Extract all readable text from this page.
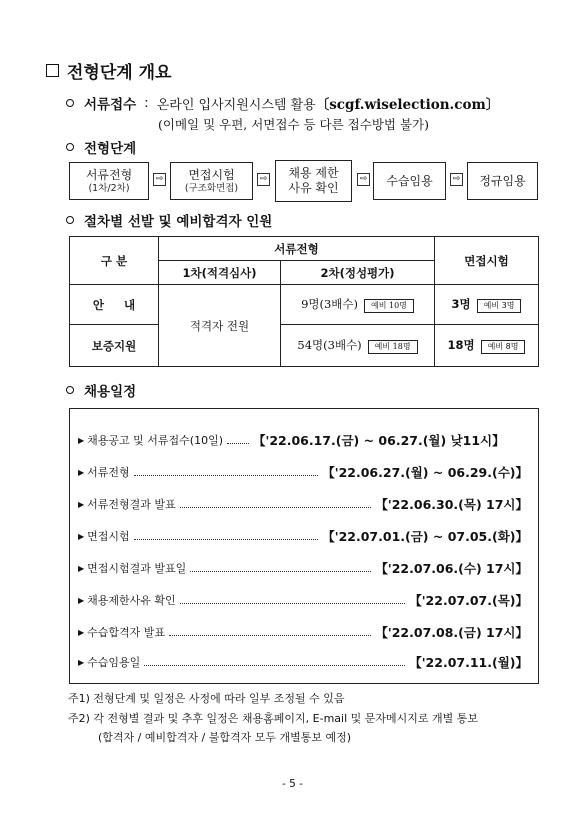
전형단계 개요
서류접수 : 온라인 입사지원시스템 활용 〔scgf.wiselection.com〕
(이메일 및 우편, 서면접수 등 다른 접수방법 불가)
전형단계
서류전형
(1차/2차)
⇨ 면접시험
(구조화면접)
⇨ 채용 제한
사유 확인
⇨ 수습임용	⇨ 정규임용
절차별 선발 및 예비합격자 인원
구 분	서류전형		면접시험
	1차(적격심사)	2차(정성평가)	
안     내	적격자 전원	9명(3배수) 예비 10명	3명 예비 3명
보증지원		54명(3배수) 예비 18명	18명 예비 8명
채용일정
▶ 채용공고 및 서류접수(10일) 【'22.06.17.(금) ~ 06.27.(월) 낮11시】
▶ 서류전형	【'22.06.27.(월) ~ 06.29.(수)】
▶ 서류전형결과 발표	【'22.06.30.(목) 17시】
▶ 면접시험	【'22.07.01.(금) ~ 07.05.(화)】
▶ 면접시험결과 발표일	【'22.07.06.(수) 17시】
▶ 채용제한사유 확인	【'22.07.07.(목)】
▶ 수습합격자 발표	【'22.07.08.(금) 17시】
▶ 수습임용일	【'22.07.11.(월)】
주1) 전형단계 및 일정은 사정에 따라 일부 조정될 수 있음
주2) 각 전형별 결과 및 추후 일정은 채용홈페이지, E-mail 및 문자메시지로 개별 통보
(합격자 / 예비합격자 / 불합격자 모두 개별통보 예정)
- 5 -
